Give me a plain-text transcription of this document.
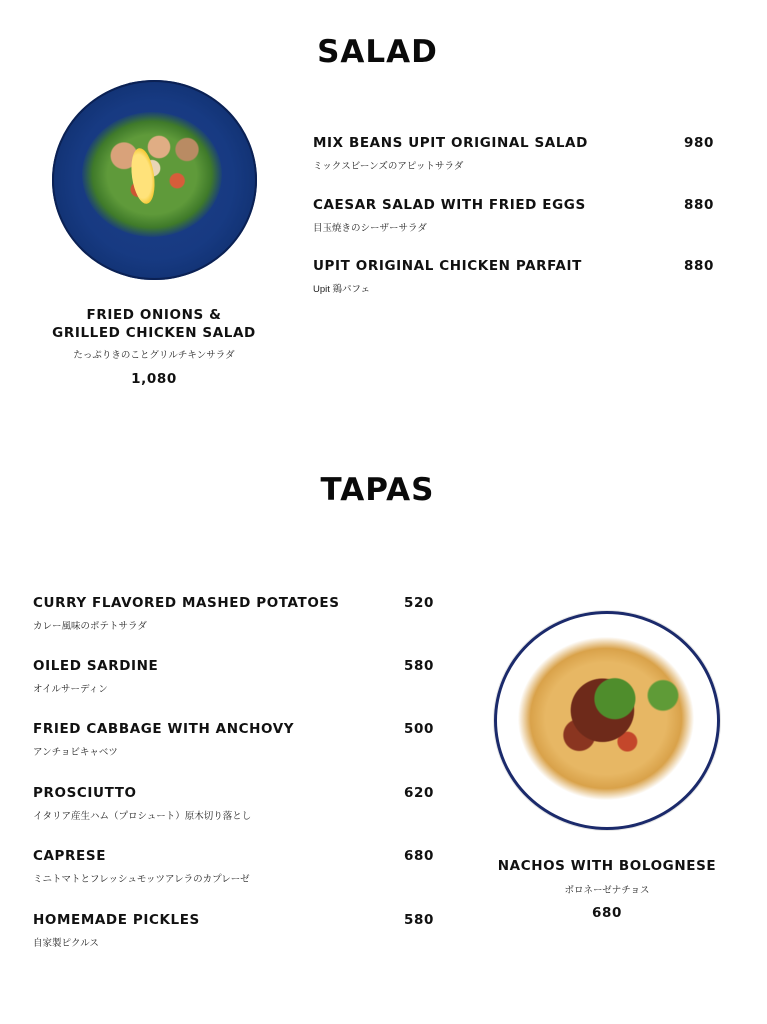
SALAD
FRIED ONIONS &
GRILLED CHICKEN SALAD
たっぷりきのことグリルチキンサラダ
1,080
MIX BEANS UPIT ORIGINAL SALAD
ミックスビーンズのアピットサラダ
980
CAESAR SALAD WITH FRIED EGGS
目玉焼きのシーザーサラダ
880
UPIT ORIGINAL CHICKEN PARFAIT
Upit 鶏パフェ
880
TAPAS
CURRY FLAVORED MASHED POTATOES
カレー風味のポテトサラダ
520
OILED SARDINE
オイルサーディン
580
FRIED CABBAGE WITH ANCHOVY
アンチョビキャベツ
500
PROSCIUTTO
イタリア産生ハム（プロシュート）原木切り落とし
620
CAPRESE
ミニトマトとフレッシュモッツアレラのカプレーゼ
680
HOMEMADE PICKLES
自家製ピクルス
580
NACHOS WITH BOLOGNESE
ボロネーゼナチョス
680
